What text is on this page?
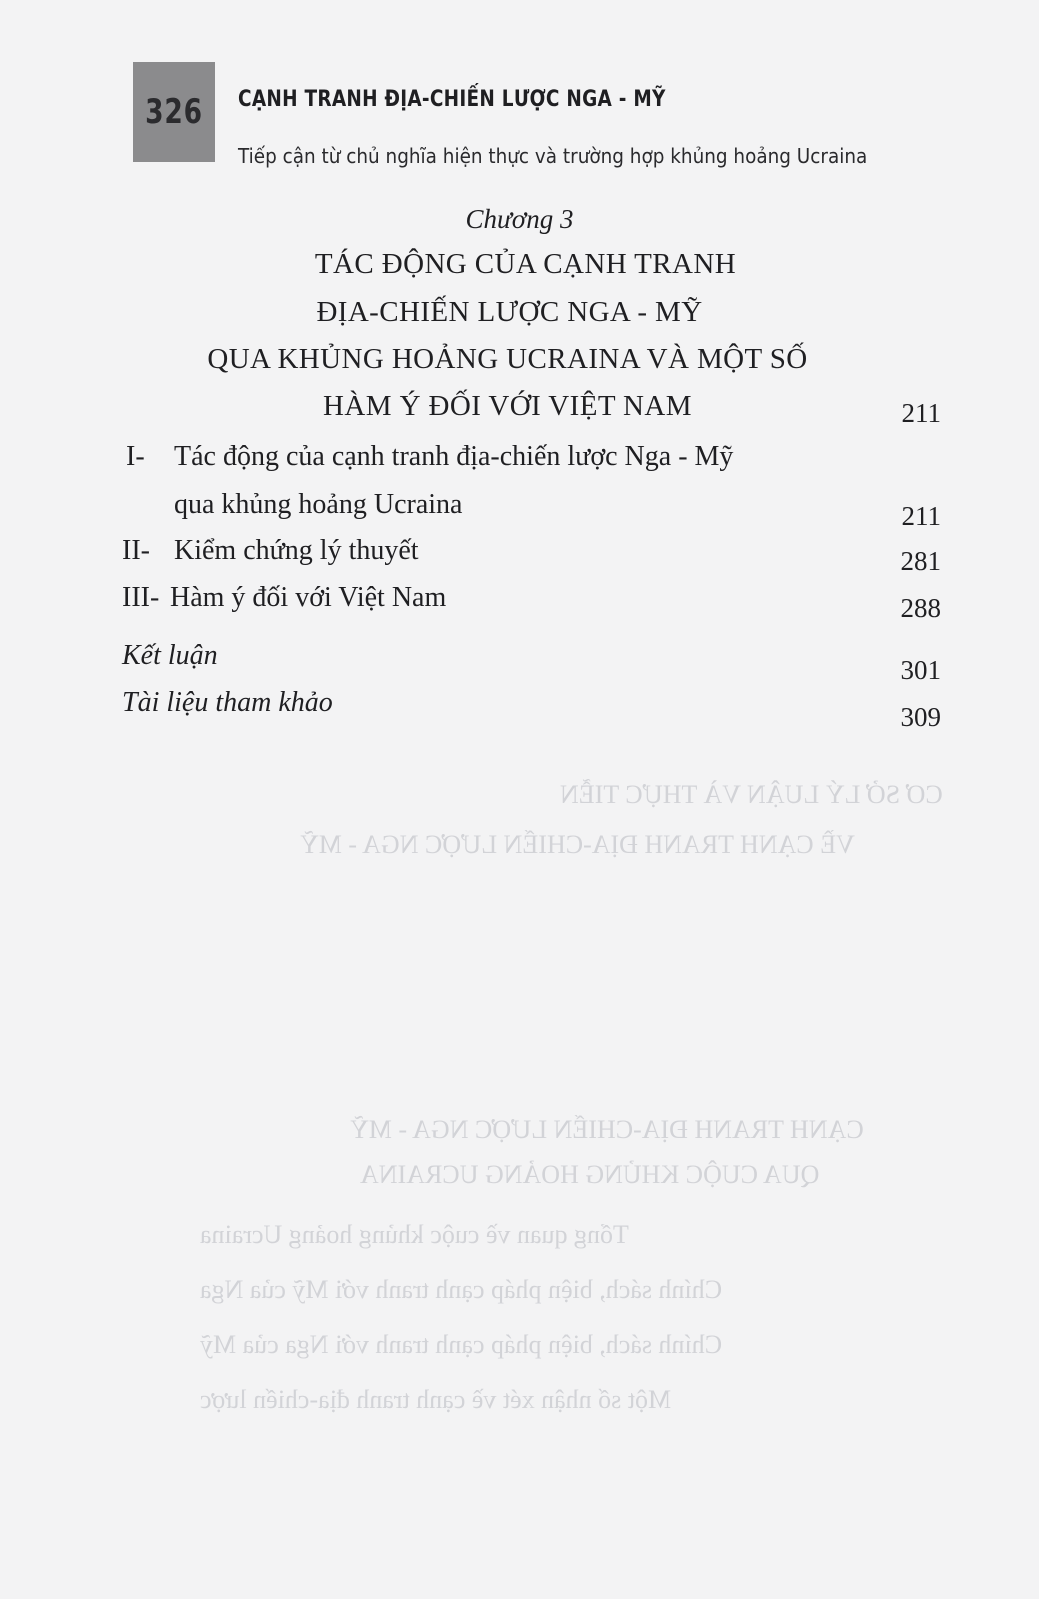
CƠ SỞ LÝ LUẬN VÀ THỰC TIỄN
VỀ CẠNH TRANH ĐỊA-CHIẾN LƯỢC NGA - MỸ
CẠNH TRANH ĐỊA-CHIẾN LƯỢC NGA - MỸ
QUA CUỘC KHỦNG HOẢNG UCRAINA
Tổng quan về cuộc khủng hoảng Ucraina
Chính sách, biện pháp cạnh tranh với Mỹ của Nga
Chính sách, biện pháp cạnh tranh với Nga của Mỹ
Một số nhận xét về cạnh tranh địa-chiến lược
326 CẠNH TRANH ĐỊA-CHIẾN LƯỢC NGA - MỸ
Tiếp cận từ chủ nghĩa hiện thực và trường hợp khủng hoảng Ucraina
Chương 3
TÁC ĐỘNG CỦA CẠNH TRANH
ĐỊA-CHIẾN LƯỢC NGA - MỸ
QUA KHỦNG HOẢNG UCRAINA VÀ MỘT SỐ
HÀM Ý ĐỐI VỚI VIỆT NAM	211
I- Tác động của cạnh tranh địa-chiến lược Nga - Mỹ
qua khủng hoảng Ucraina	211
II- Kiểm chứng lý thuyết	281
III- Hàm ý đối với Việt Nam	288
Kết luận	301
Tài liệu tham khảo	309
